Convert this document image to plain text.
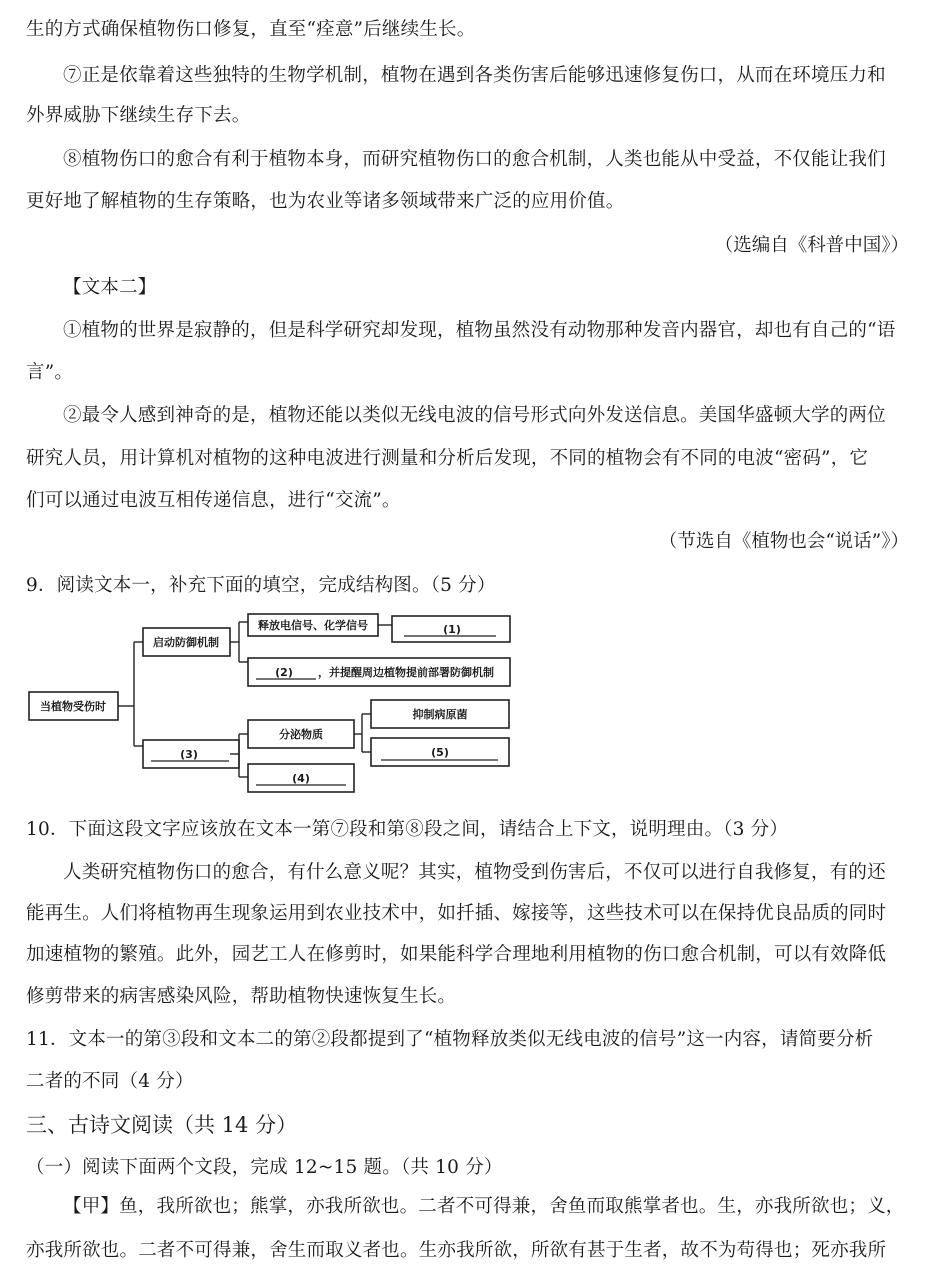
生的方式确保植物伤口修复，直至“痊意”后继续生长。
⑦正是依靠着这些独特的生物学机制，植物在遇到各类伤害后能够迅速修复伤口，从而在环境压力和
外界威胁下继续生存下去。
⑧植物伤口的愈合有利于植物本身，而研究植物伤口的愈合机制，人类也能从中受益，不仅能让我们
更好地了解植物的生存策略，也为农业等诸多领域带来广泛的应用价值。
（选编自《科普中国》）
【文本二】
①植物的世界是寂静的，但是科学研究却发现，植物虽然没有动物那种发音内器官，却也有自己的“语
言”。
②最令人感到神奇的是，植物还能以类似无线电波的信号形式向外发送信息。美国华盛顿大学的两位
研究人员，用计算机对植物的这种电波进行测量和分析后发现，不同的植物会有不同的电波“密码”，它
们可以通过电波互相传递信息，进行“交流”。
（节选自《植物也会“说话”》）
9．阅读文本一，补充下面的填空，完成结构图。（5 分）
当植物受伤时
启动防御机制
释放电信号、化学信号	(1)
(2) ，并提醒周边植物提前部署防御机制
(3)
分泌物质
抑制病原菌
(5)
(4)
10．下面这段文字应该放在文本一第⑦段和第⑧段之间，请结合上下文，说明理由。（3 分）
人类研究植物伤口的愈合，有什么意义呢？其实，植物受到伤害后，不仅可以进行自我修复，有的还
能再生。人们将植物再生现象运用到农业技术中，如扦插、嫁接等，这些技术可以在保持优良品质的同时
加速植物的繁殖。此外，园艺工人在修剪时，如果能科学合理地利用植物的伤口愈合机制，可以有效降低
修剪带来的病害感染风险，帮助植物快速恢复生长。
11．文本一的第③段和文本二的第②段都提到了“植物释放类似无线电波的信号”这一内容，请简要分析
二者的不同（4 分）
三、古诗文阅读（共 14 分）
（一）阅读下面两个文段，完成 12~15 题。（共 10 分）
【甲】鱼，我所欲也；熊掌，亦我所欲也。二者不可得兼，舍鱼而取熊掌者也。生，亦我所欲也；义，
亦我所欲也。二者不可得兼，舍生而取义者也。生亦我所欲，所欲有甚于生者，故不为苟得也；死亦我所
